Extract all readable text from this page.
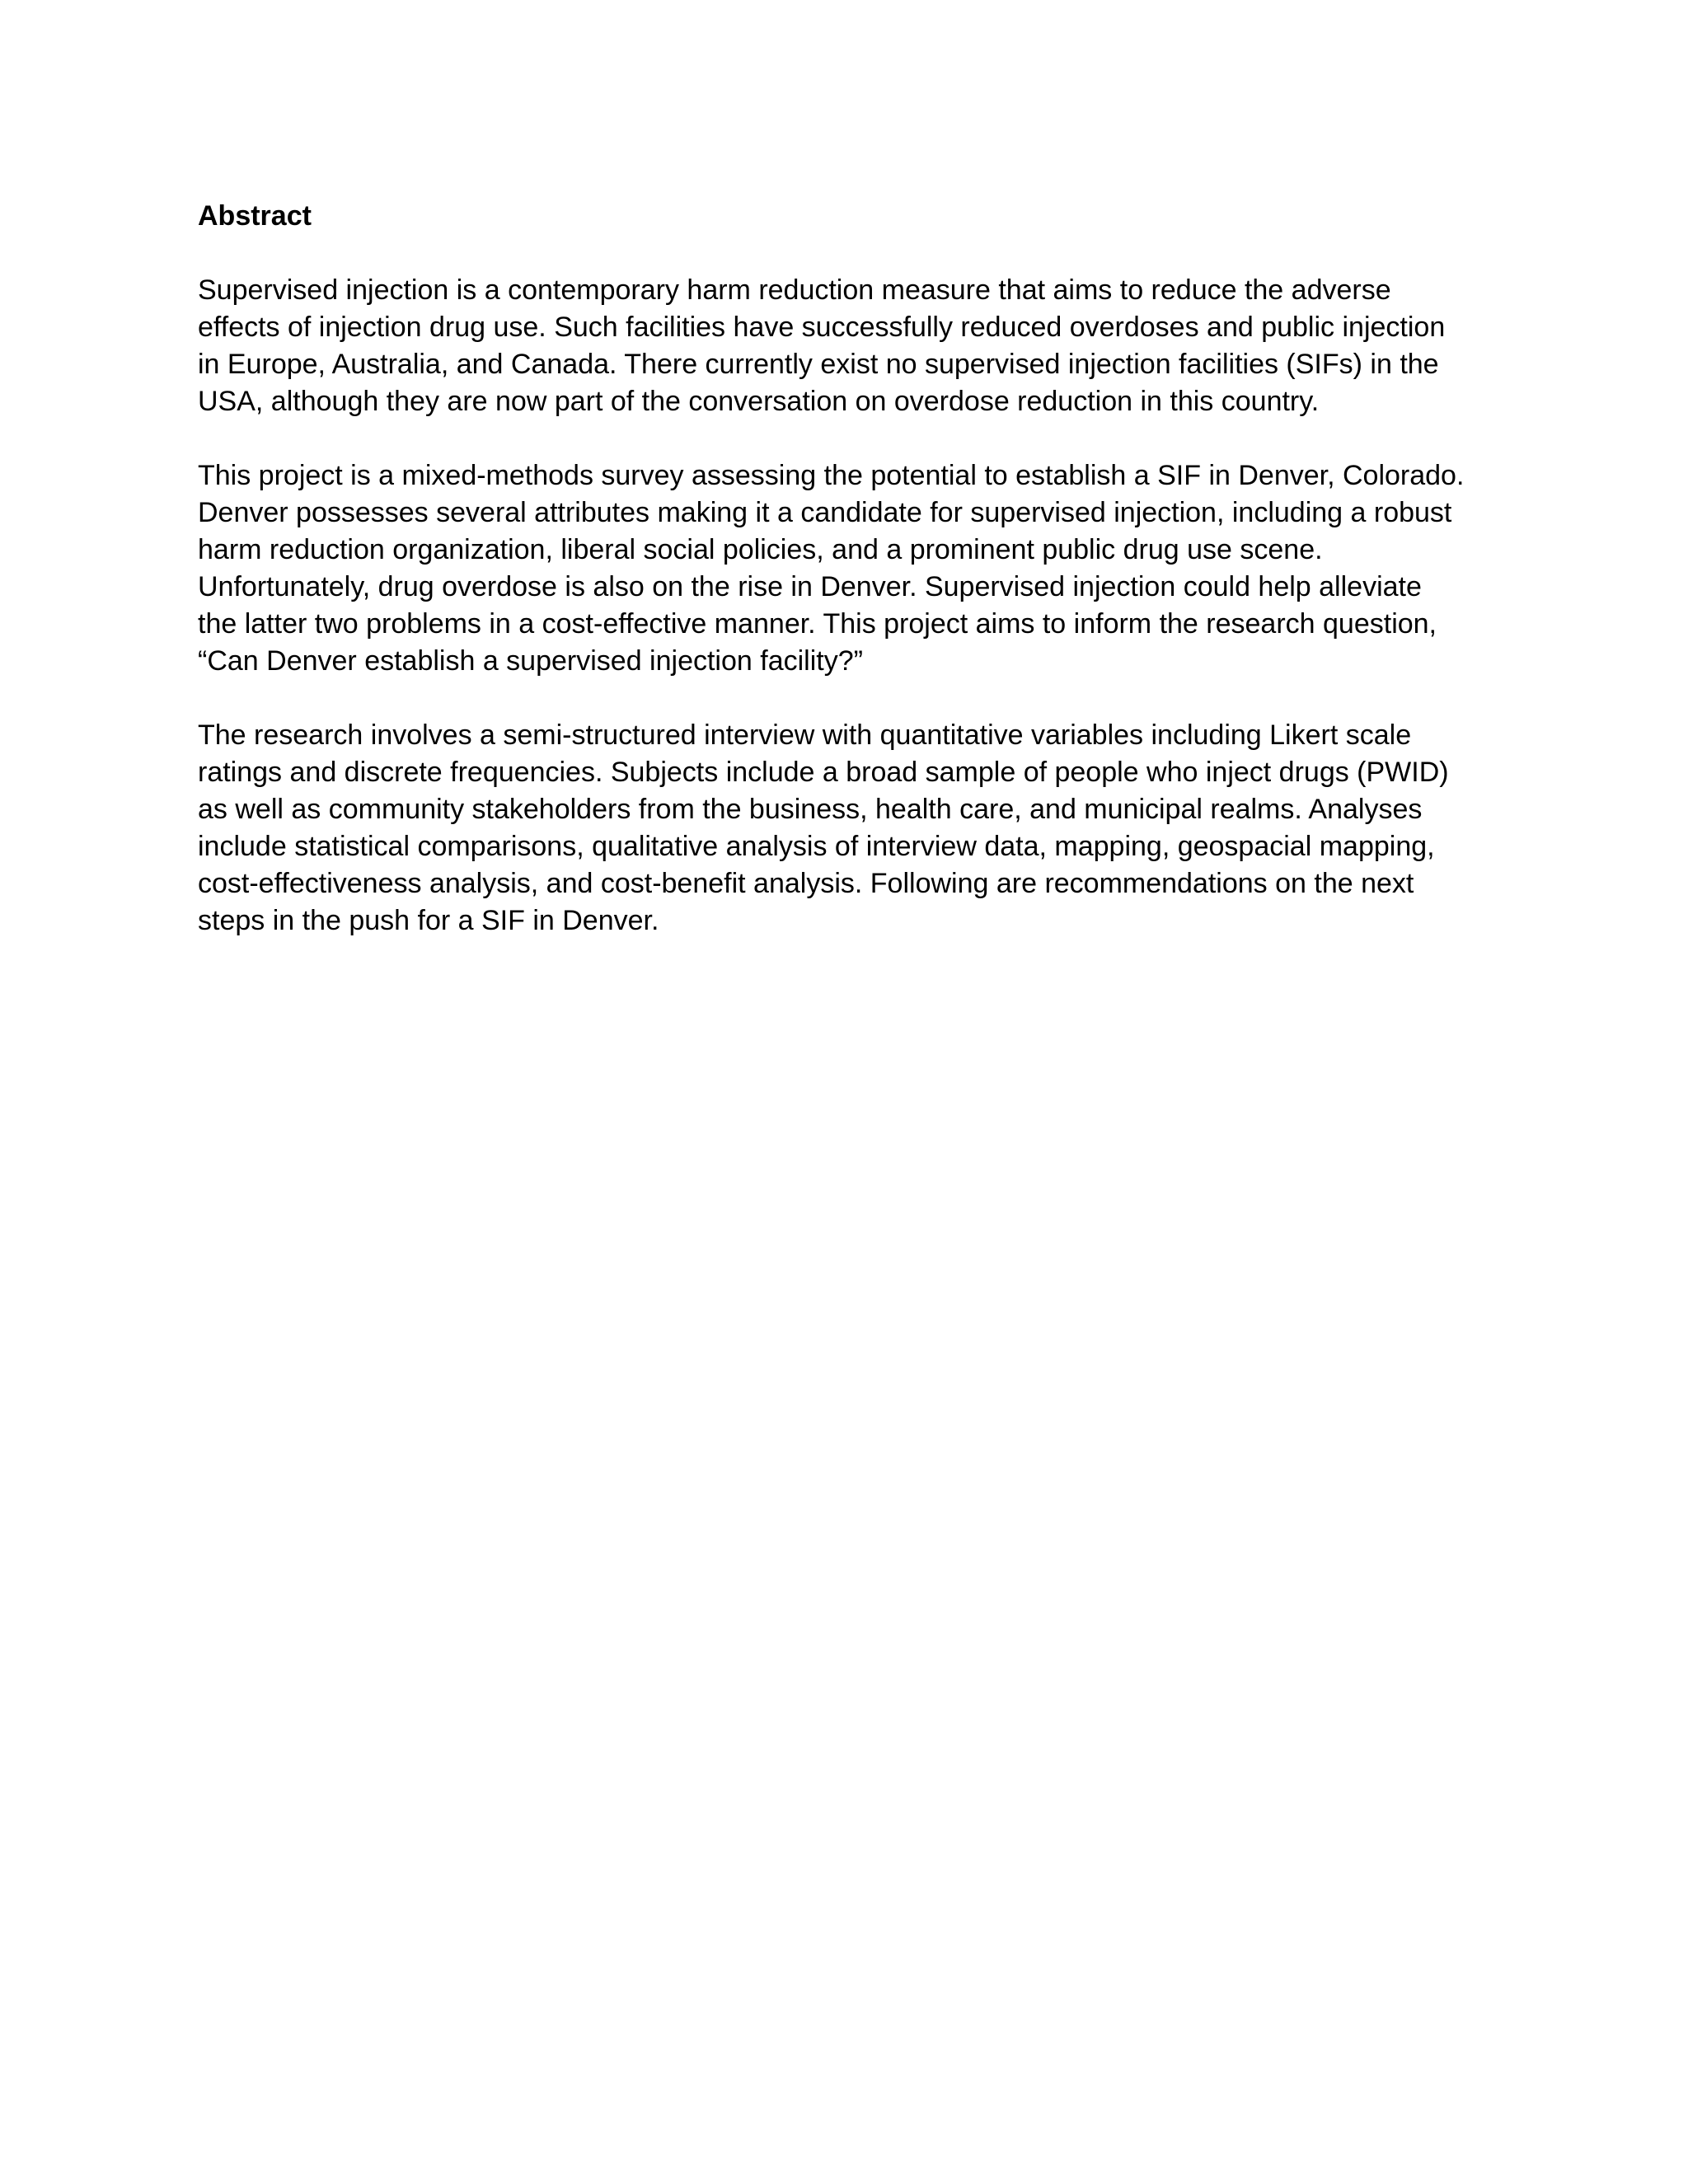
Abstract

Supervised injection is a contemporary harm reduction measure that aims to reduce the adverse
effects of injection drug use. Such facilities have successfully reduced overdoses and public injection
in Europe, Australia, and Canada. There currently exist no supervised injection facilities (SIFs) in the
USA, although they are now part of the conversation on overdose reduction in this country.

This project is a mixed-methods survey assessing the potential to establish a SIF in Denver, Colorado.
Denver possesses several attributes making it a candidate for supervised injection, including a robust
harm reduction organization, liberal social policies, and a prominent public drug use scene.
Unfortunately, drug overdose is also on the rise in Denver. Supervised injection could help alleviate
the latter two problems in a cost-effective manner. This project aims to inform the research question,
“Can Denver establish a supervised injection facility?”

The research involves a semi-structured interview with quantitative variables including Likert scale
ratings and discrete frequencies. Subjects include a broad sample of people who inject drugs (PWID)
as well as community stakeholders from the business, health care, and municipal realms. Analyses
include statistical comparisons, qualitative analysis of interview data, mapping, geospacial mapping,
cost-effectiveness analysis, and cost-benefit analysis. Following are recommendations on the next
steps in the push for a SIF in Denver.
